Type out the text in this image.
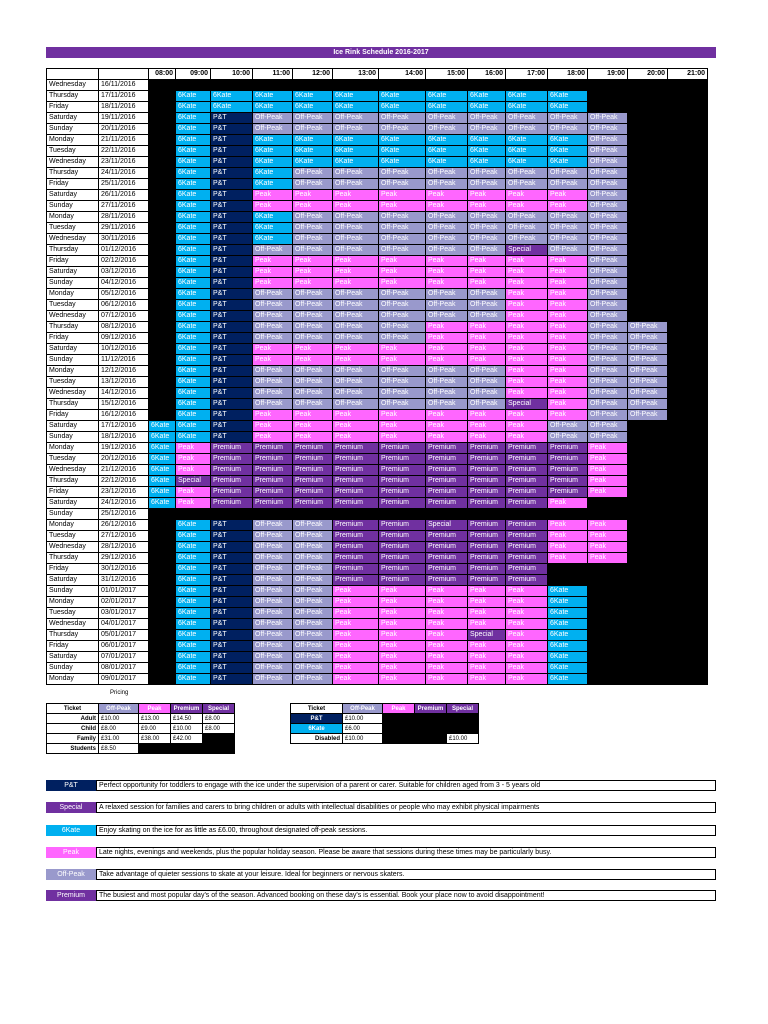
Ice Rink Schedule 2016-2017
		08:00	09:00	10:00	11:00	12:00	13:00	14:00	15:00	16:00	17:00	18:00	19:00	20:00	21:00
Wednesday	16/11/2016														
Thursday	17/11/2016		6Kate	6Kate	6Kate	6Kate	6Kate	6Kate	6Kate	6Kate	6Kate	6Kate			
Friday	18/11/2016		6Kate	6Kate	6Kate	6Kate	6Kate	6Kate	6Kate	6Kate	6Kate	6Kate			
Saturday	19/11/2016		6Kate	P&T	Off-Peak	Off-Peak	Off-Peak	Off-Peak	Off-Peak	Off-Peak	Off-Peak	Off-Peak	Off-Peak		
Sunday	20/11/2016		6Kate	P&T	Off-Peak	Off-Peak	Off-Peak	Off-Peak	Off-Peak	Off-Peak	Off-Peak	Off-Peak	Off-Peak		
Monday	21/11/2016		6Kate	P&T	6Kate	6Kate	6Kate	6Kate	6Kate	6Kate	6Kate	6Kate	Off-Peak		
Tuesday	22/11/2016		6Kate	P&T	6Kate	6Kate	6Kate	6Kate	6Kate	6Kate	6Kate	6Kate	Off-Peak		
Wednesday	23/11/2016		6Kate	P&T	6Kate	6Kate	6Kate	6Kate	6Kate	6Kate	6Kate	6Kate	Off-Peak		
Thursday	24/11/2016		6Kate	P&T	6Kate	Off-Peak	Off-Peak	Off-Peak	Off-Peak	Off-Peak	Off-Peak	Off-Peak	Off-Peak		
Friday	25/11/2016		6Kate	P&T	6Kate	Off-Peak	Off-Peak	Off-Peak	Off-Peak	Off-Peak	Off-Peak	Off-Peak	Off-Peak		
Saturday	26/11/2016		6Kate	P&T	Peak	Peak	Peak	Peak	Peak	Peak	Peak	Peak	Off-Peak		
Sunday	27/11/2016		6Kate	P&T	Peak	Peak	Peak	Peak	Peak	Peak	Peak	Peak	Off-Peak		
Monday	28/11/2016		6Kate	P&T	6Kate	Off-Peak	Off-Peak	Off-Peak	Off-Peak	Off-Peak	Off-Peak	Off-Peak	Off-Peak		
Tuesday	29/11/2016		6Kate	P&T	6Kate	Off-Peak	Off-Peak	Off-Peak	Off-Peak	Off-Peak	Off-Peak	Off-Peak	Off-Peak		
Wednesday	30/11/2016		6Kate	P&T	6Kate	Off-Peak	Off-Peak	Off-Peak	Off-Peak	Off-Peak	Off-Peak	Off-Peak	Off-Peak		
Thursday	01/12/2016		6Kate	P&T	Off-Peak	Off-Peak	Off-Peak	Off-Peak	Off-Peak	Off-Peak	Special	Off-Peak	Off-Peak		
Friday	02/12/2016		6Kate	P&T	Peak	Peak	Peak	Peak	Peak	Peak	Peak	Peak	Off-Peak		
Saturday	03/12/2016		6Kate	P&T	Peak	Peak	Peak	Peak	Peak	Peak	Peak	Peak	Off-Peak		
Sunday	04/12/2016		6Kate	P&T	Peak	Peak	Peak	Peak	Peak	Peak	Peak	Peak	Off-Peak		
Monday	05/12/2016		6Kate	P&T	Off-Peak	Off-Peak	Off-Peak	Off-Peak	Off-Peak	Off-Peak	Peak	Peak	Off-Peak		
Tuesday	06/12/2016		6Kate	P&T	Off-Peak	Off-Peak	Off-Peak	Off-Peak	Off-Peak	Off-Peak	Peak	Peak	Off-Peak		
Wednesday	07/12/2016		6Kate	P&T	Off-Peak	Off-Peak	Off-Peak	Off-Peak	Off-Peak	Off-Peak	Peak	Peak	Off-Peak		
Thursday	08/12/2016		6Kate	P&T	Off-Peak	Off-Peak	Off-Peak	Off-Peak	Peak	Peak	Peak	Peak	Off-Peak	Off-Peak	
Friday	09/12/2016		6Kate	P&T	Off-Peak	Off-Peak	Off-Peak	Off-Peak	Peak	Peak	Peak	Peak	Off-Peak	Off-Peak	
Saturday	10/12/2016		6Kate	P&T	Peak	Peak	Peak	Peak	Peak	Peak	Peak	Peak	Off-Peak	Off-Peak	
Sunday	11/12/2016		6Kate	P&T	Peak	Peak	Peak	Peak	Peak	Peak	Peak	Peak	Off-Peak	Off-Peak	
Monday	12/12/2016		6Kate	P&T	Off-Peak	Off-Peak	Off-Peak	Off-Peak	Off-Peak	Off-Peak	Peak	Peak	Off-Peak	Off-Peak	
Tuesday	13/12/2016		6Kate	P&T	Off-Peak	Off-Peak	Off-Peak	Off-Peak	Off-Peak	Off-Peak	Peak	Peak	Off-Peak	Off-Peak	
Wednesday	14/12/2016		6Kate	P&T	Off-Peak	Off-Peak	Off-Peak	Off-Peak	Off-Peak	Off-Peak	Peak	Peak	Off-Peak	Off-Peak	
Thursday	15/12/2016		6Kate	P&T	Off-Peak	Off-Peak	Off-Peak	Off-Peak	Off-Peak	Off-Peak	Special	Peak	Off-Peak	Off-Peak	
Friday	16/12/2016		6Kate	P&T	Peak	Peak	Peak	Peak	Peak	Peak	Peak	Peak	Off-Peak	Off-Peak	
Saturday	17/12/2016	6Kate	6Kate	P&T	Peak	Peak	Peak	Peak	Peak	Peak	Peak	Off-Peak	Off-Peak		
Sunday	18/12/2016	6Kate	6Kate	P&T	Peak	Peak	Peak	Peak	Peak	Peak	Peak	Off-Peak	Off-Peak		
Monday	19/12/2016	6Kate	Peak	Premium	Premium	Premium	Premium	Premium	Premium	Premium	Premium	Premium	Peak		
Tuesday	20/12/2016	6Kate	Peak	Premium	Premium	Premium	Premium	Premium	Premium	Premium	Premium	Premium	Peak		
Wednesday	21/12/2016	6Kate	Peak	Premium	Premium	Premium	Premium	Premium	Premium	Premium	Premium	Premium	Peak		
Thursday	22/12/2016	6Kate	Special	Premium	Premium	Premium	Premium	Premium	Premium	Premium	Premium	Premium	Peak		
Friday	23/12/2016	6Kate	Peak	Premium	Premium	Premium	Premium	Premium	Premium	Premium	Premium	Premium	Peak		
Saturday	24/12/2016	6Kate	Peak	Premium	Premium	Premium	Premium	Premium	Premium	Premium	Premium	Peak			
Sunday	25/12/2016														
Monday	26/12/2016		6Kate	P&T	Off-Peak	Off-Peak	Premium	Premium	Special	Premium	Premium	Peak	Peak		
Tuesday	27/12/2016		6Kate	P&T	Off-Peak	Off-Peak	Premium	Premium	Premium	Premium	Premium	Peak	Peak		
Wednesday	28/12/2016		6Kate	P&T	Off-Peak	Off-Peak	Premium	Premium	Premium	Premium	Premium	Peak	Peak		
Thursday	29/12/2016		6Kate	P&T	Off-Peak	Off-Peak	Premium	Premium	Premium	Premium	Premium	Peak	Peak		
Friday	30/12/2016		6Kate	P&T	Off-Peak	Off-Peak	Premium	Premium	Premium	Premium	Premium				
Saturday	31/12/2016		6Kate	P&T	Off-Peak	Off-Peak	Premium	Premium	Premium	Premium	Premium				
Sunday	01/01/2017		6Kate	P&T	Off-Peak	Off-Peak	Peak	Peak	Peak	Peak	Peak	6Kate			
Monday	02/01/2017		6Kate	P&T	Off-Peak	Off-Peak	Peak	Peak	Peak	Peak	Peak	6Kate			
Tuesday	03/01/2017		6Kate	P&T	Off-Peak	Off-Peak	Peak	Peak	Peak	Peak	Peak	6Kate			
Wednesday	04/01/2017		6Kate	P&T	Off-Peak	Off-Peak	Peak	Peak	Peak	Peak	Peak	6Kate			
Thursday	05/01/2017		6Kate	P&T	Off-Peak	Off-Peak	Peak	Peak	Peak	Special	Peak	6Kate			
Friday	06/01/2017		6Kate	P&T	Off-Peak	Off-Peak	Peak	Peak	Peak	Peak	Peak	6Kate			
Saturday	07/01/2017		6Kate	P&T	Off-Peak	Off-Peak	Peak	Peak	Peak	Peak	Peak	6Kate			
Sunday	08/01/2017		6Kate	P&T	Off-Peak	Off-Peak	Peak	Peak	Peak	Peak	Peak	6Kate			
Monday	09/01/2017		6Kate	P&T	Off-Peak	Off-Peak	Peak	Peak	Peak	Peak	Peak	6Kate			
Pricing
Ticket	Off-Peak	Peak	Premium	Special
Adult	£10.00	£13.00	£14.50	£8.00
Child	£8.00	£9.00	£10.00	£8.00
Family	£31.00	£38.00	£42.00	
Students	£8.50			
Ticket	Off-Peak	Peak	Premium	Special
P&T	£10.00			
6Kate	£6.00			
Disabled	£10.00			£10.00
P&T	Perfect opportunity for toddlers to engage with the ice under the supervision of a parent or carer. Suitable for children aged from 3 - 5 years old
Special	A relaxed session for families and carers to bring children or adults with intellectual disabilities or people who may exhibit physical impairments
6Kate	Enjoy skating on the ice for as little as £6.00, throughout designated off-peak sessions.
Peak	Late nights, evenings and weekends, plus the popular holiday season. Please be aware that sessions during these times may be particularly busy.
Off-Peak	Take advantage of quieter sessions to skate at your leisure. Ideal for beginners or nervous skaters.
Premium	The busiest and most popular day's of the season. Advanced booking on these day's is essential. Book your place now to avoid disappointment!
